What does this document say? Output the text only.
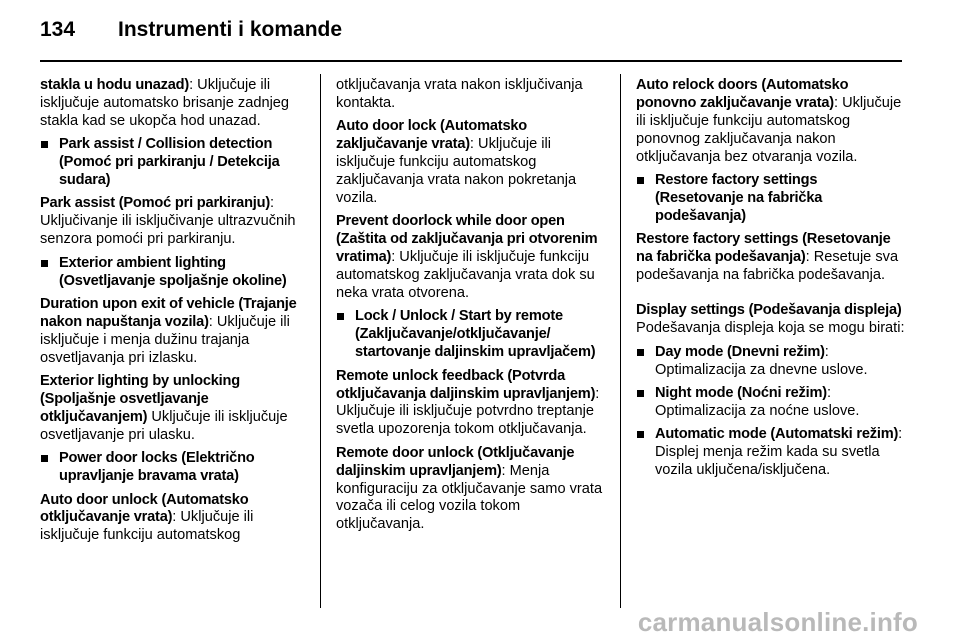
134	Instrumenti i komande

stakla u hodu unazad): Uključuje ili isključuje automatsko brisanje zadnjeg stakla kad se ukopča hod unazad.

Park assist / Collision detection (Pomoć pri parkiranju / Detekcija sudara)

Park assist (Pomoć pri parkiranju): Uključivanje ili isključivanje ultrazvučnih senzora pomoći pri parkiranju.

Exterior ambient lighting (Osvetljavanje spoljašnje okoline)

Duration upon exit of vehicle (Trajanje nakon napuštanja vozila): Uključuje ili isključuje i menja dužinu trajanja osvetljavanja pri izlasku.

Exterior lighting by unlocking (Spoljašnje osvetljavanje otključavanjem) Uključuje ili isključuje osvetljavanje pri ulasku.

Power door locks (Električno upravljanje bravama vrata)

Auto door unlock (Automatsko otključavanje vrata): Uključuje ili isključuje funkciju automatskog

otključavanja vrata nakon isključivanja kontakta.

Auto door lock (Automatsko zaključavanje vrata): Uključuje ili isključuje funkciju automatskog zaključavanja vrata nakon pokretanja vozila.

Prevent doorlock while door open (Zaštita od zaključavanja pri otvorenim vratima): Uključuje ili isključuje funkciju automatskog zaključavanja vrata dok su neka vrata otvorena.

Lock / Unlock / Start by remote (Zaključavanje/otključavanje/ startovanje daljinskim upravljačem)

Remote unlock feedback (Potvrda otključavanja daljinskim upravljanjem): Uključuje ili isključuje potvrdno treptanje svetla upozorenja tokom otključavanja.

Remote door unlock (Otključavanje daljinskim upravljanjem): Menja konfiguraciju za otključavanje samo vrata vozača ili celog vozila tokom otključavanja.

Auto relock doors (Automatsko ponovno zaključavanje vrata): Uključuje ili isključuje funkciju automatskog ponovnog zaključavanja nakon otključavanja bez otvaranja vozila.

Restore factory settings (Resetovanje na fabrička podešavanja)

Restore factory settings (Resetovanje na fabrička podešavanja): Resetuje sva podešavanja na fabrička podešavanja.

Display settings (Podešavanja displeja)
Podešavanja displeja koja se mogu birati:

Day mode (Dnevni režim): Optimalizacija za dnevne uslove.
Night mode (Noćni režim): Optimalizacija za noćne uslove.
Automatic mode (Automatski režim): Displej menja režim kada su svetla vozila uključena/isključena.
carmanualsonline.info
